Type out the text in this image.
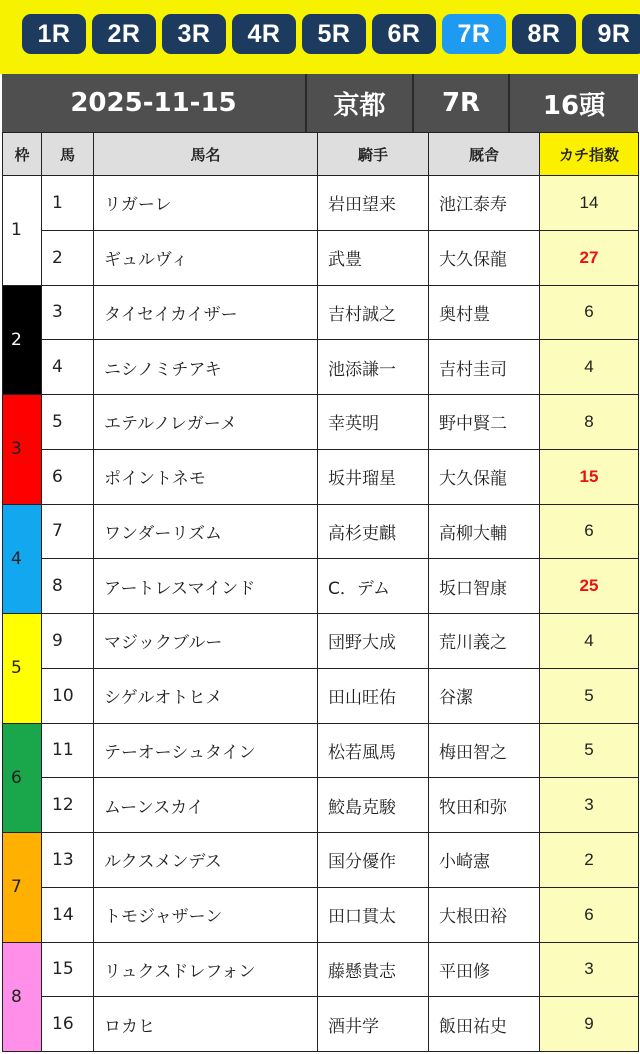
1R	2R	3R	4R	5R	6R	7R	8R	9R
2025-11-15	京都	7R	16頭
枠	馬	馬名	騎手	厩舎	カチ指数
1	1	リガーレ	岩田望来	池江泰寿	14
	2	ギュルヴィ	武豊	大久保龍	27
2	3	タイセイカイザー	吉村誠之	奥村豊	6
	4	ニシノミチアキ	池添謙一	吉村圭司	4
3	5	エテルノレガーメ	幸英明	野中賢二	8
	6	ポイントネモ	坂井瑠星	大久保龍	15
4	7	ワンダーリズム	高杉吏麒	高柳大輔	6
	8	アートレスマインド	C．デム	坂口智康	25
5	9	マジックブルー	団野大成	荒川義之	4
	10	シゲルオトヒメ	田山旺佑	谷潔	5
6	11	テーオーシュタイン	松若風馬	梅田智之	5
	12	ムーンスカイ	鮫島克駿	牧田和弥	3
7	13	ルクスメンデス	国分優作	小崎憲	2
	14	トモジャザーン	田口貫太	大根田裕	6
8	15	リュクスドレフォン	藤懸貴志	平田修	3
	16	ロカヒ	酒井学	飯田祐史	9
